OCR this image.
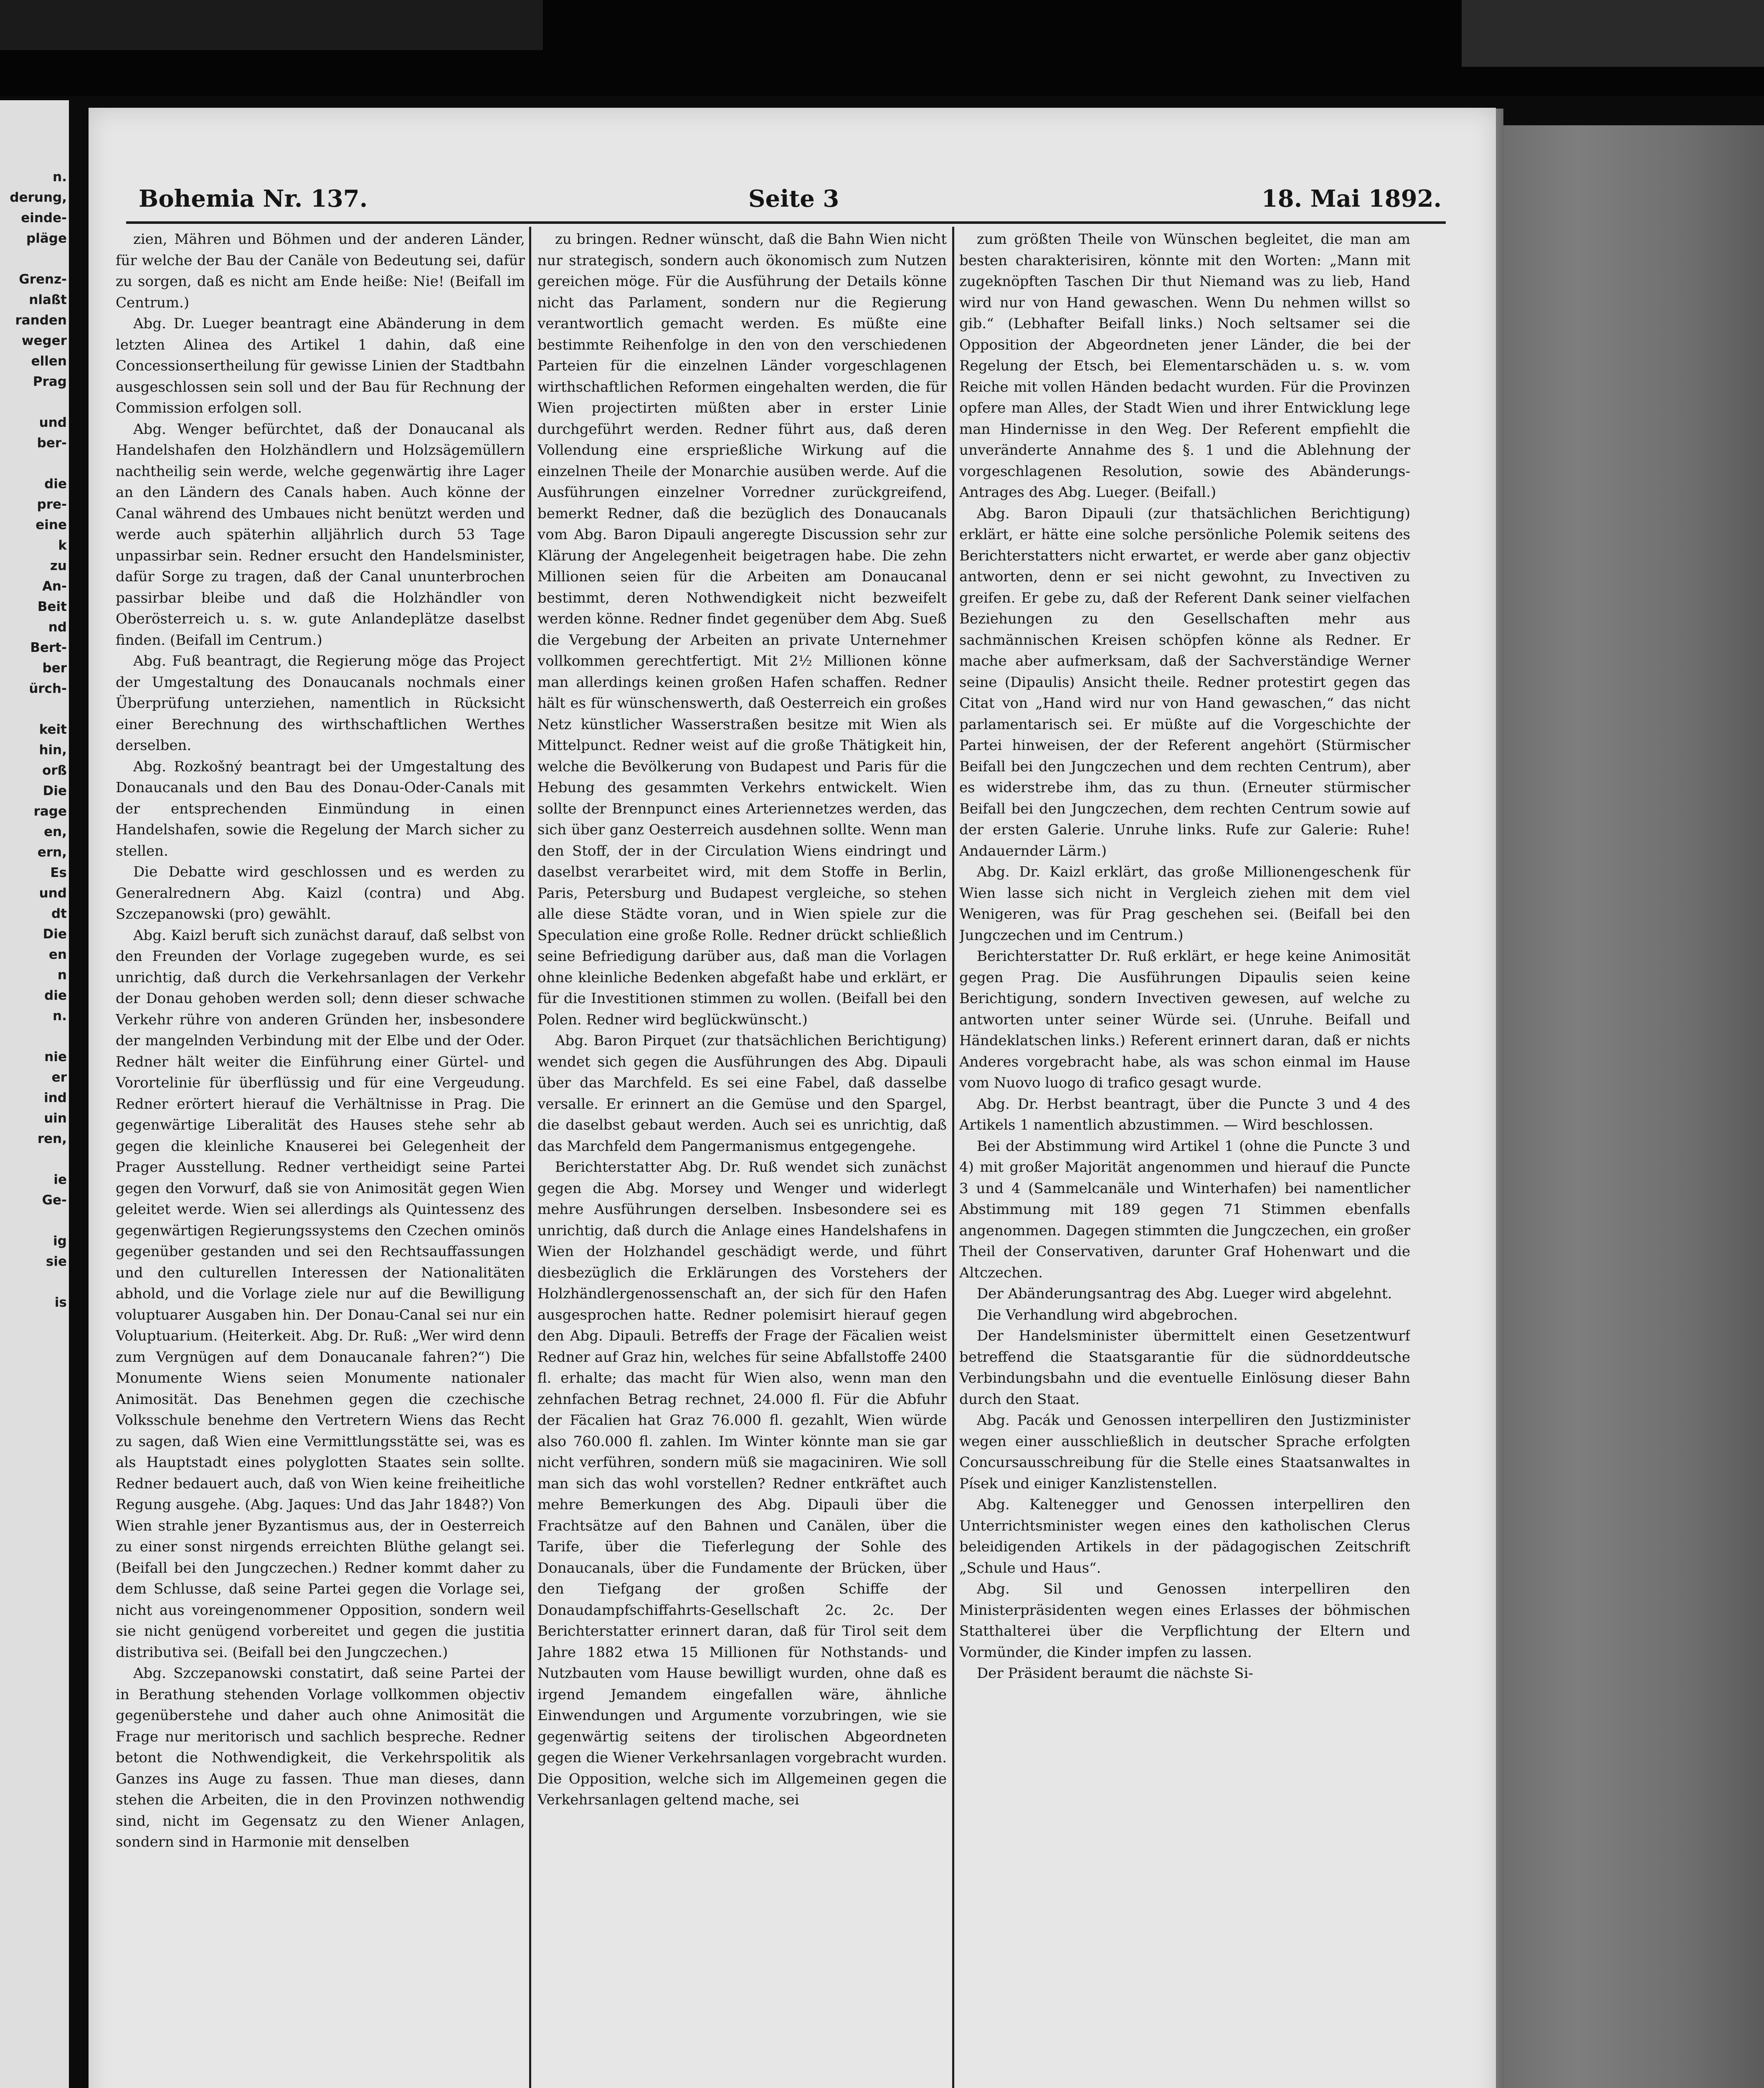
n.
derung,
einde-
pläge

Grenz-
nlaßt
randen
weger
ellen
Prag

und
ber-

die
pre-
eine
k
zu
An-
Beit
nd
Bert-
ber
ürch-

keit
hin,
orß
Die
rage
en,
ern,
Es
und
dt
Die
en
n
die
n.

nie
er
ind
uin
ren,

ie
Ge-

ig
sie

is
Bohemia Nr. 137.	Seite 3	18. Mai 1892.

zien, Mähren und Böhmen und der anderen Länder, für welche der Bau der Canäle von Bedeutung sei, dafür zu sorgen, daß es nicht am Ende heiße: Nie! (Beifall im Centrum.)

Abg. Dr. Lueger beantragt eine Abänderung in dem letzten Alinea des Artikel 1 dahin, daß eine Concessionsertheilung für gewisse Linien der Stadtbahn ausgeschlossen sein soll und der Bau für Rechnung der Commission erfolgen soll.

Abg. Wenger befürchtet, daß der Donaucanal als Handelshafen den Holzhändlern und Holzsägemüllern nachtheilig sein werde, welche gegenwärtig ihre Lager an den Ländern des Canals haben. Auch könne der Canal während des Umbaues nicht benützt werden und werde auch späterhin alljährlich durch 53 Tage unpassirbar sein. Redner ersucht den Handelsminister, dafür Sorge zu tragen, daß der Canal ununterbrochen passirbar bleibe und daß die Holzhändler von Oberösterreich u. s. w. gute Anlandeplätze daselbst finden. (Beifall im Centrum.)

Abg. Fuß beantragt, die Regierung möge das Project der Umgestaltung des Donaucanals nochmals einer Überprüfung unterziehen, namentlich in Rücksicht einer Berechnung des wirthschaftlichen Werthes derselben.

Abg. Rozkošný beantragt bei der Umgestaltung des Donaucanals und den Bau des Donau-Oder-Canals mit der entsprechenden Einmündung in einen Handelshafen, sowie die Regelung der March sicher zu stellen.

Die Debatte wird geschlossen und es werden zu Generalrednern Abg. Kaizl (contra) und Abg. Szczepanowski (pro) gewählt.

Abg. Kaizl beruft sich zunächst darauf, daß selbst von den Freunden der Vorlage zugegeben wurde, es sei unrichtig, daß durch die Verkehrsanlagen der Verkehr der Donau gehoben werden soll; denn dieser schwache Verkehr rühre von anderen Gründen her, insbesondere der mangelnden Verbindung mit der Elbe und der Oder. Redner hält weiter die Einführung einer Gürtel- und Vorortelinie für überflüssig und für eine Vergeudung. Redner erörtert hierauf die Verhältnisse in Prag. Die gegenwärtige Liberalität des Hauses stehe sehr ab gegen die kleinliche Knauserei bei Gelegenheit der Prager Ausstellung. Redner vertheidigt seine Partei gegen den Vorwurf, daß sie von Animosität gegen Wien geleitet werde. Wien sei allerdings als Quintessenz des gegenwärtigen Regierungssystems den Czechen ominös gegenüber gestanden und sei den Rechtsauffassungen und den culturellen Interessen der Nationalitäten abhold, und die Vorlage ziele nur auf die Bewilligung voluptuarer Ausgaben hin. Der Donau-Canal sei nur ein Voluptuarium. (Heiterkeit. Abg. Dr. Ruß: „Wer wird denn zum Vergnügen auf dem Donaucanale fahren?“) Die Monumente Wiens seien Monumente nationaler Animosität. Das Benehmen gegen die czechische Volksschule benehme den Vertretern Wiens das Recht zu sagen, daß Wien eine Vermittlungsstätte sei, was es als Hauptstadt eines polyglotten Staates sein sollte. Redner bedauert auch, daß von Wien keine freiheitliche Regung ausgehe. (Abg. Jaques: Und das Jahr 1848?) Von Wien strahle jener Byzantismus aus, der in Oesterreich zu einer sonst nirgends erreichten Blüthe gelangt sei. (Beifall bei den Jungczechen.) Redner kommt daher zu dem Schlusse, daß seine Partei gegen die Vorlage sei, nicht aus voreingenommener Opposition, sondern weil sie nicht genügend vorbereitet und gegen die justitia distributiva sei. (Beifall bei den Jungczechen.)

Abg. Szczepanowski constatirt, daß seine Partei der in Berathung stehenden Vorlage vollkommen objectiv gegenüberstehe und daher auch ohne Animosität die Frage nur meritorisch und sachlich bespreche. Redner betont die Nothwendigkeit, die Verkehrspolitik als Ganzes ins Auge zu fassen. Thue man dieses, dann stehen die Arbeiten, die in den Provinzen nothwendig sind, nicht im Gegensatz zu den Wiener Anlagen, sondern sind in Harmonie mit denselben

zu bringen. Redner wünscht, daß die Bahn Wien nicht nur strategisch, sondern auch ökonomisch zum Nutzen gereichen möge. Für die Ausführung der Details könne nicht das Parlament, sondern nur die Regierung verantwortlich gemacht werden. Es müßte eine bestimmte Reihenfolge in den von den verschiedenen Parteien für die einzelnen Länder vorgeschlagenen wirthschaftlichen Reformen eingehalten werden, die für Wien projectirten müßten aber in erster Linie durchgeführt werden. Redner führt aus, daß deren Vollendung eine ersprießliche Wirkung auf die einzelnen Theile der Monarchie ausüben werde. Auf die Ausführungen einzelner Vorredner zurückgreifend, bemerkt Redner, daß die bezüglich des Donaucanals vom Abg. Baron Dipauli angeregte Discussion sehr zur Klärung der Angelegenheit beigetragen habe. Die zehn Millionen seien für die Arbeiten am Donaucanal bestimmt, deren Nothwendigkeit nicht bezweifelt werden könne. Redner findet gegenüber dem Abg. Sueß die Vergebung der Arbeiten an private Unternehmer vollkommen gerechtfertigt. Mit 2½ Millionen könne man allerdings keinen großen Hafen schaffen. Redner hält es für wünschenswerth, daß Oesterreich ein großes Netz künstlicher Wasserstraßen besitze mit Wien als Mittelpunct. Redner weist auf die große Thätigkeit hin, welche die Bevölkerung von Budapest und Paris für die Hebung des gesammten Verkehrs entwickelt. Wien sollte der Brennpunct eines Arteriennetzes werden, das sich über ganz Oesterreich ausdehnen sollte. Wenn man den Stoff, der in der Circulation Wiens eindringt und daselbst verarbeitet wird, mit dem Stoffe in Berlin, Paris, Petersburg und Budapest vergleiche, so stehen alle diese Städte voran, und in Wien spiele zur die Speculation eine große Rolle. Redner drückt schließlich seine Befriedigung darüber aus, daß man die Vorlagen ohne kleinliche Bedenken abgefaßt habe und erklärt, er für die Investitionen stimmen zu wollen. (Beifall bei den Polen. Redner wird beglückwünscht.)

Abg. Baron Pirquet (zur thatsächlichen Berichtigung) wendet sich gegen die Ausführungen des Abg. Dipauli über das Marchfeld. Es sei eine Fabel, daß dasselbe versalle. Er erinnert an die Gemüse und den Spargel, die daselbst gebaut werden. Auch sei es unrichtig, daß das Marchfeld dem Pangermanismus entgegengehe.

Berichterstatter Abg. Dr. Ruß wendet sich zunächst gegen die Abg. Morsey und Wenger und widerlegt mehre Ausführungen derselben. Insbesondere sei es unrichtig, daß durch die Anlage eines Handelshafens in Wien der Holzhandel geschädigt werde, und führt diesbezüglich die Erklärungen des Vorstehers der Holzhändlergenossenschaft an, der sich für den Hafen ausgesprochen hatte. Redner polemisirt hierauf gegen den Abg. Dipauli. Betreffs der Frage der Fäcalien weist Redner auf Graz hin, welches für seine Abfallstoffe 2400 fl. erhalte; das macht für Wien also, wenn man den zehnfachen Betrag rechnet, 24.000 fl. Für die Abfuhr der Fäcalien hat Graz 76.000 fl. gezahlt, Wien würde also 760.000 fl. zahlen. Im Winter könnte man sie gar nicht verführen, sondern müß sie magaciniren. Wie soll man sich das wohl vorstellen? Redner entkräftet auch mehre Bemerkungen des Abg. Dipauli über die Frachtsätze auf den Bahnen und Canälen, über die Tarife, über die Tieferlegung der Sohle des Donaucanals, über die Fundamente der Brücken, über den Tiefgang der großen Schiffe der Donaudampfschiffahrts-Gesellschaft 2c. 2c. Der Berichterstatter erinnert daran, daß für Tirol seit dem Jahre 1882 etwa 15 Millionen für Nothstands- und Nutzbauten vom Hause bewilligt wurden, ohne daß es irgend Jemandem eingefallen wäre, ähnliche Einwendungen und Argumente vorzubringen, wie sie gegenwärtig seitens der tirolischen Abgeordneten gegen die Wiener Verkehrsanlagen vorgebracht wurden. Die Opposition, welche sich im Allgemeinen gegen die Verkehrsanlagen geltend mache, sei

zum größten Theile von Wünschen begleitet, die man am besten charakterisiren, könnte mit den Worten: „Mann mit zugeknöpften Taschen Dir thut Niemand was zu lieb, Hand wird nur von Hand gewaschen. Wenn Du nehmen willst so gib.“ (Lebhafter Beifall links.) Noch seltsamer sei die Opposition der Abgeordneten jener Länder, die bei der Regelung der Etsch, bei Elementarschäden u. s. w. vom Reiche mit vollen Händen bedacht wurden. Für die Provinzen opfere man Alles, der Stadt Wien und ihrer Entwicklung lege man Hindernisse in den Weg. Der Referent empfiehlt die unveränderte Annahme des §. 1 und die Ablehnung der vorgeschlagenen Resolution, sowie des Abänderungs-Antrages des Abg. Lueger. (Beifall.)

Abg. Baron Dipauli (zur thatsächlichen Berichtigung) erklärt, er hätte eine solche persönliche Polemik seitens des Berichterstatters nicht erwartet, er werde aber ganz objectiv antworten, denn er sei nicht gewohnt, zu Invectiven zu greifen. Er gebe zu, daß der Referent Dank seiner vielfachen Beziehungen zu den Gesellschaften mehr aus sachmännischen Kreisen schöpfen könne als Redner. Er mache aber aufmerksam, daß der Sachverständige Werner seine (Dipaulis) Ansicht theile. Redner protestirt gegen das Citat von „Hand wird nur von Hand gewaschen,“ das nicht parlamentarisch sei. Er müßte auf die Vorgeschichte der Partei hinweisen, der der Referent angehört (Stürmischer Beifall bei den Jungczechen und dem rechten Centrum), aber es widerstrebe ihm, das zu thun. (Erneuter stürmischer Beifall bei den Jungczechen, dem rechten Centrum sowie auf der ersten Galerie. Unruhe links. Rufe zur Galerie: Ruhe! Andauernder Lärm.)

Abg. Dr. Kaizl erklärt, das große Millionengeschenk für Wien lasse sich nicht in Vergleich ziehen mit dem viel Wenigeren, was für Prag geschehen sei. (Beifall bei den Jungczechen und im Centrum.)

Berichterstatter Dr. Ruß erklärt, er hege keine Animosität gegen Prag. Die Ausführungen Dipaulis seien keine Berichtigung, sondern Invectiven gewesen, auf welche zu antworten unter seiner Würde sei. (Unruhe. Beifall und Händeklatschen links.) Referent erinnert daran, daß er nichts Anderes vorgebracht habe, als was schon einmal im Hause vom Nuovo luogo di trafico gesagt wurde.

Abg. Dr. Herbst beantragt, über die Puncte 3 und 4 des Artikels 1 namentlich abzustimmen. — Wird beschlossen.

Bei der Abstimmung wird Artikel 1 (ohne die Puncte 3 und 4) mit großer Majorität angenommen und hierauf die Puncte 3 und 4 (Sammelcanäle und Winterhafen) bei namentlicher Abstimmung mit 189 gegen 71 Stimmen ebenfalls angenommen. Dagegen stimmten die Jungczechen, ein großer Theil der Conservativen, darunter Graf Hohenwart und die Altczechen.

Der Abänderungsantrag des Abg. Lueger wird abgelehnt.

Die Verhandlung wird abgebrochen.

Der Handelsminister übermittelt einen Gesetzentwurf betreffend die Staatsgarantie für die südnorddeutsche Verbindungsbahn und die eventuelle Einlösung dieser Bahn durch den Staat.

Abg. Pacák und Genossen interpelliren den Justizminister wegen einer ausschließlich in deutscher Sprache erfolgten Concursausschreibung für die Stelle eines Staatsanwaltes in Písek und einiger Kanzlistenstellen.

Abg. Kaltenegger und Genossen interpelliren den Unterrichtsminister wegen eines den katholischen Clerus beleidigenden Artikels in der pädagogischen Zeitschrift „Schule und Haus“.

Abg. Sil und Genossen interpelliren den Ministerpräsidenten wegen eines Erlasses der böhmischen Statthalterei über die Verpflichtung der Eltern und Vormünder, die Kinder impfen zu lassen.

Der Präsident beraumt die nächste Si-
